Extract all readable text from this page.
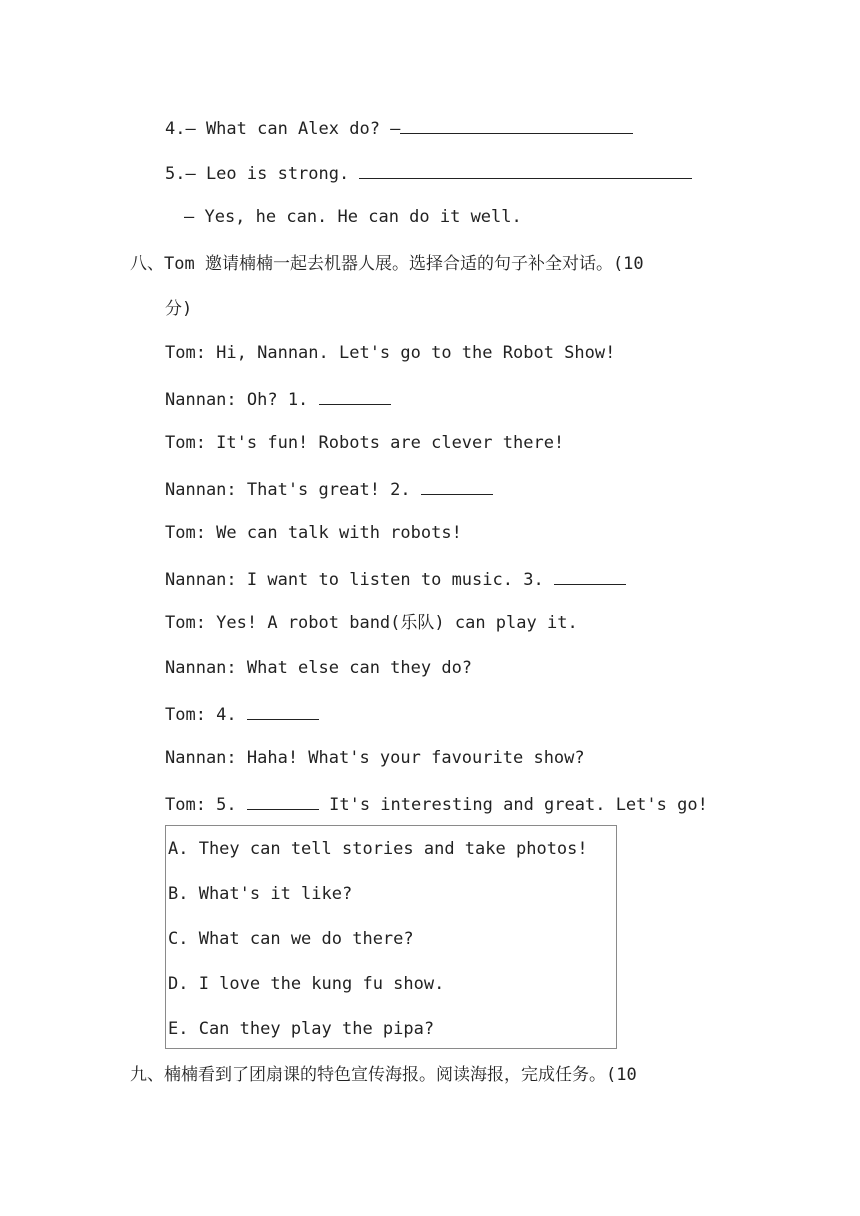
4.— What can Alex do? —
5.— Leo is strong.
— Yes, he can. He can do it well.
八、Tom 邀请楠楠一起去机器人展。选择合适的句子补全对话。(10
分)
Tom: Hi, Nannan. Let's go to the Robot Show!
Nannan: Oh? 1.
Tom: It's fun! Robots are clever there!
Nannan: That's great! 2.
Tom: We can talk with robots!
Nannan: I want to listen to music. 3.
Tom: Yes! A robot band(乐队) can play it.
Nannan: What else can they do?
Tom: 4.
Nannan: Haha! What's your favourite show?
Tom: 5.	It's interesting and great. Let's go!
A. They can tell stories and take photos!
B. What's it like?
C. What can we do there?
D. I love the kung fu show.
E. Can they play the pipa?
九、楠楠看到了团扇课的特色宣传海报。阅读海报，完成任务。(10
